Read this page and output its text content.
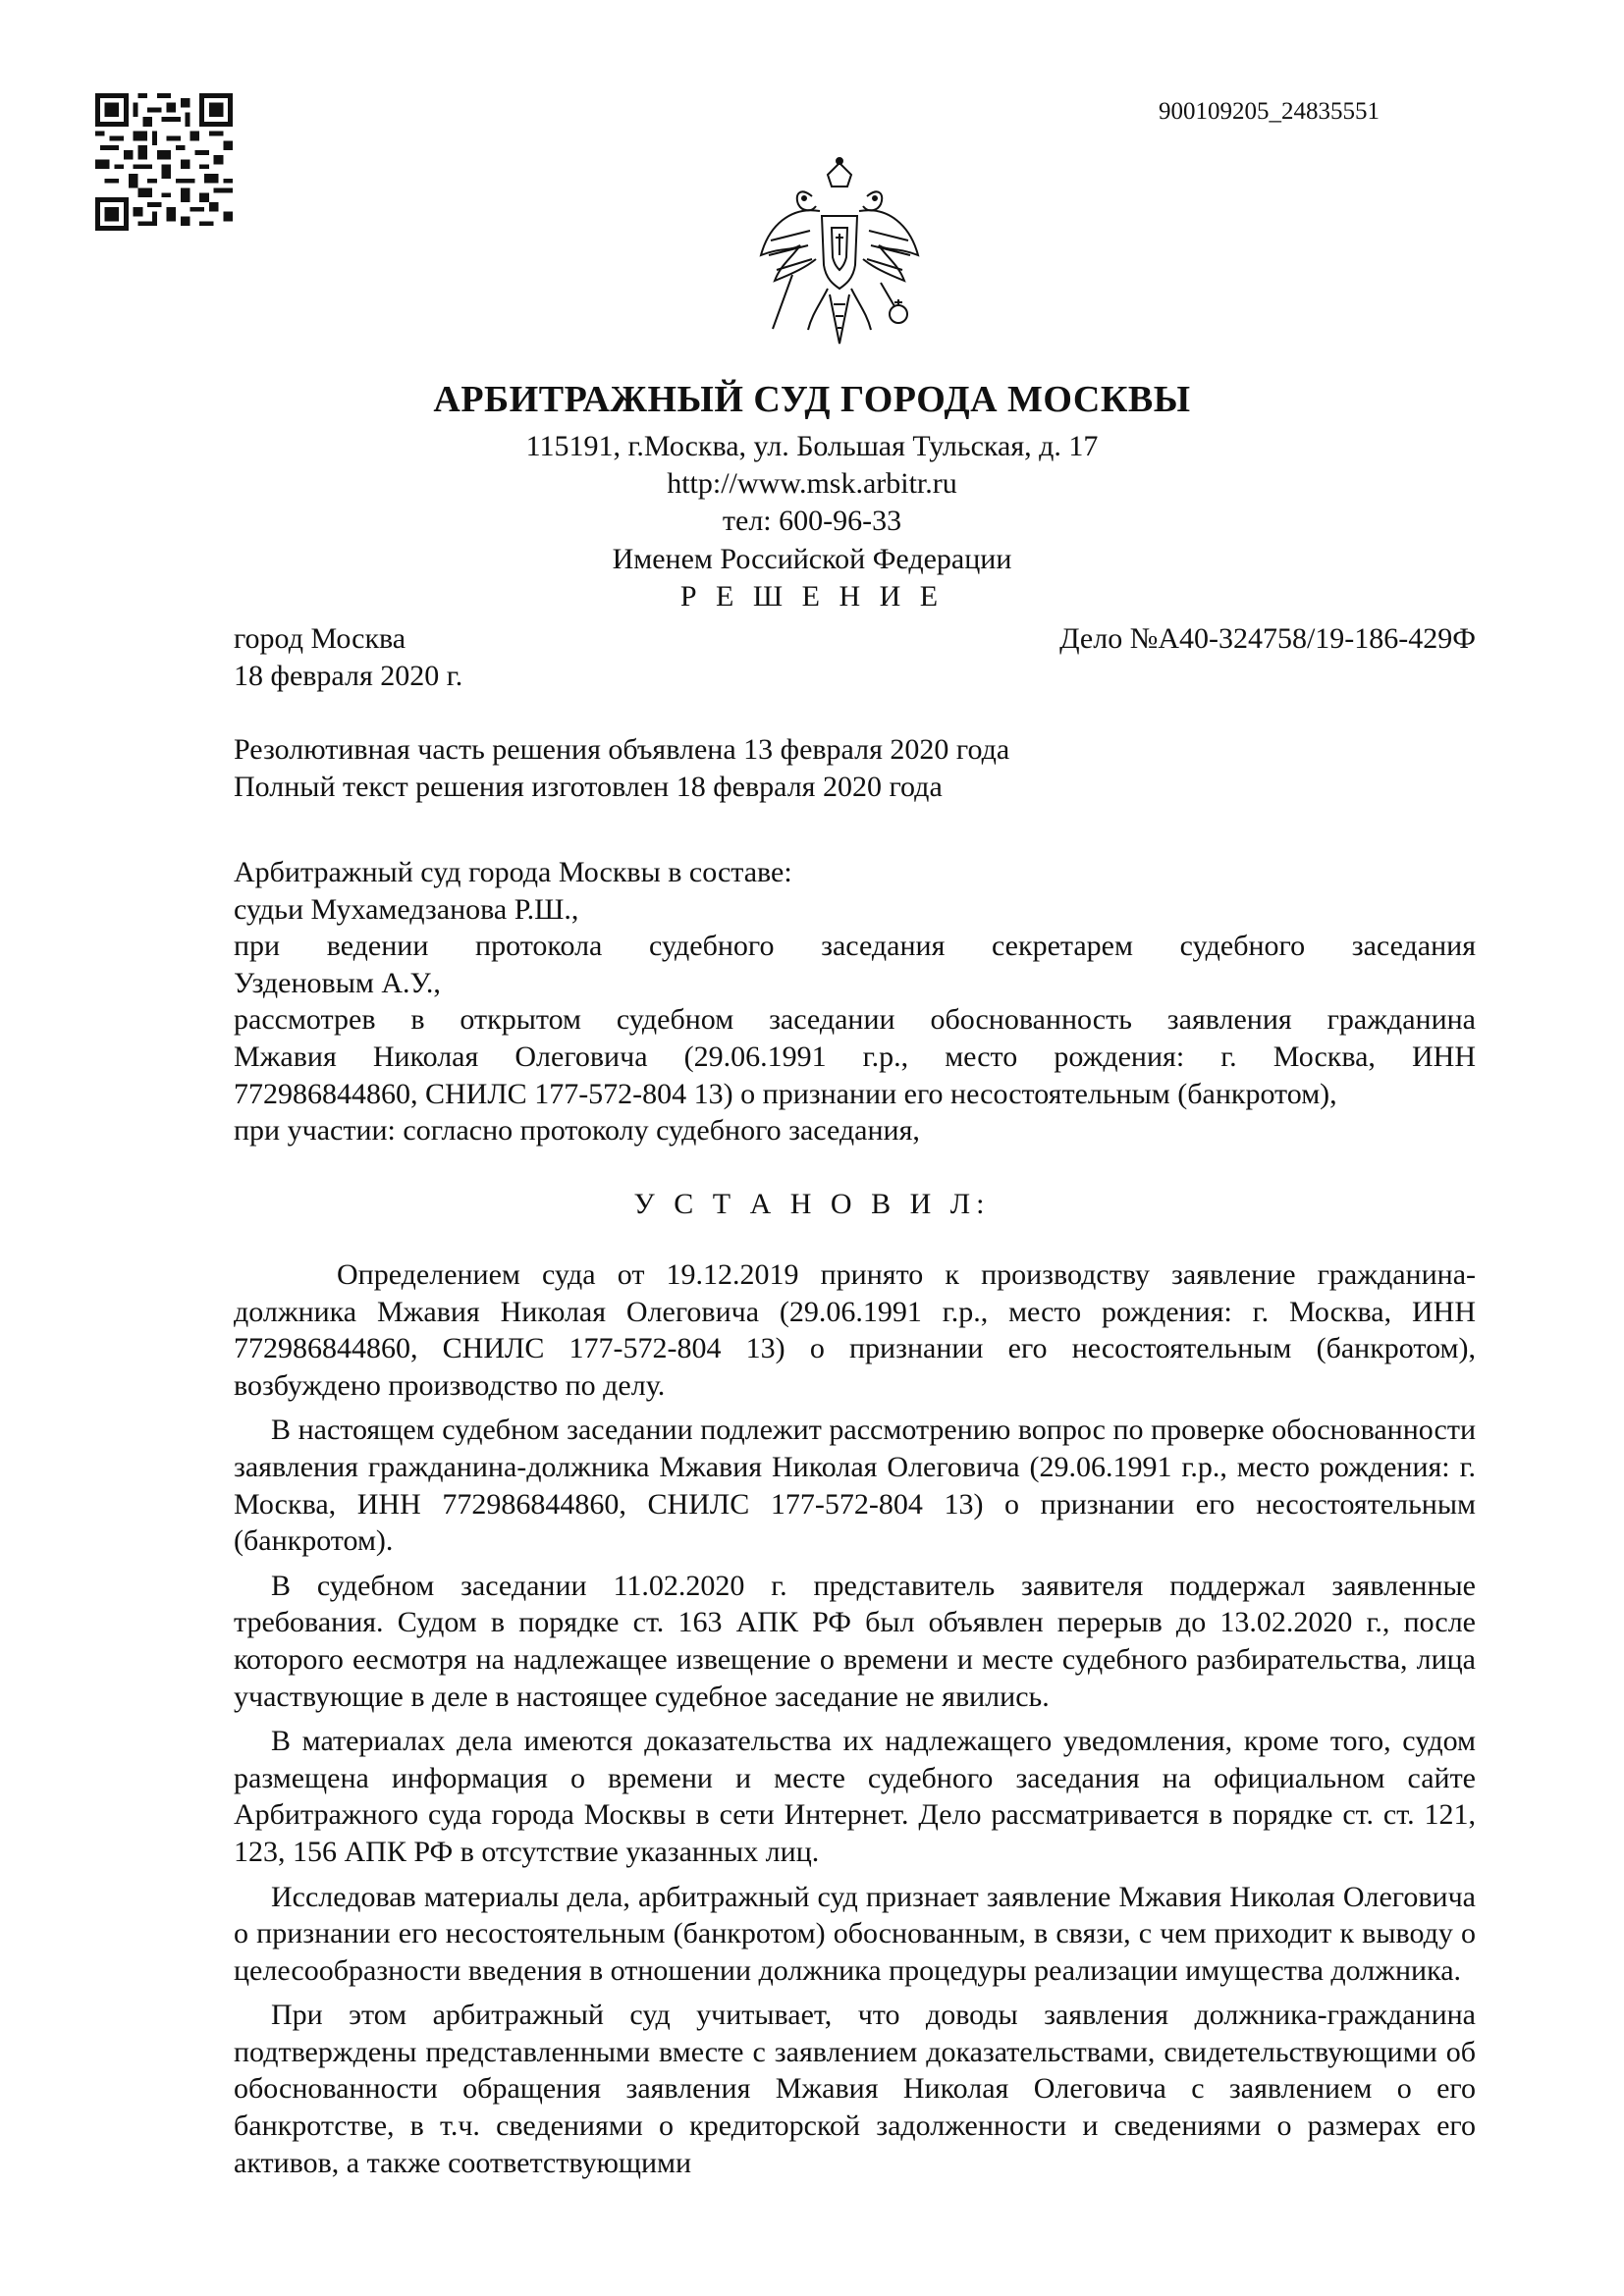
900109205_24835551
АРБИТРАЖНЫЙ СУД ГОРОДА МОСКВЫ
115191, г.Москва, ул. Большая Тульская, д. 17
http://www.msk.arbitr.ru
тел: 600-96-33
Именем Российской Федерации
Р Е Ш Е Н И Е
город Москва	Дело №А40-324758/19-186-429Ф
18 февраля 2020 г.
Резолютивная часть решения объявлена 13 февраля 2020 года
Полный текст решения изготовлен 18 февраля 2020 года
Арбитражный суд города Москвы в составе:
судьи Мухамедзанова Р.Ш.,
при ведении протокола судебного заседания секретарем судебного заседания
Узденовым А.У.,
рассмотрев в открытом судебном заседании обоснованность заявления гражданина
Мжавия Николая Олеговича (29.06.1991 г.р., место рождения: г. Москва, ИНН
772986844860, СНИЛС 177-572-804 13) о признании его несостоятельным (банкротом),
при участии: согласно протоколу судебного заседания,
У С Т А Н О В И Л:

Определением суда от 19.12.2019 принято к производству заявление гражданина-должника Мжавия Николая Олеговича (29.06.1991 г.р., место рождения: г. Москва, ИНН 772986844860, СНИЛС 177-572-804 13) о признании его несостоятельным (банкротом), возбуждено производство по делу.

В настоящем судебном заседании подлежит рассмотрению вопрос по проверке обоснованности заявления гражданина-должника Мжавия Николая Олеговича (29.06.1991 г.р., место рождения: г. Москва, ИНН 772986844860, СНИЛС 177-572-804 13) о признании его несостоятельным (банкротом).

В судебном заседании 11.02.2020 г. представитель заявителя поддержал заявленные требования. Судом в порядке ст. 163 АПК РФ был объявлен перерыв до 13.02.2020 г., после которого еесмотря на надлежащее извещение о времени и месте судебного разбирательства, лица участвующие в деле в настоящее судебное заседание не явились.

В материалах дела имеются доказательства их надлежащего уведомления, кроме того, судом размещена информация о времени и месте судебного заседания на официальном сайте Арбитражного суда города Москвы в сети Интернет. Дело рассматривается в порядке ст. ст. 121, 123, 156 АПК РФ в отсутствие указанных лиц.

Исследовав материалы дела, арбитражный суд признает заявление Мжавия Николая Олеговича о признании его несостоятельным (банкротом) обоснованным, в связи, с чем приходит к выводу о целесообразности введения в отношении должника процедуры реализации имущества должника.

При этом арбитражный суд учитывает, что доводы заявления должника-гражданина подтверждены представленными вместе с заявлением доказательствами, свидетельствующими об обоснованности обращения заявления Мжавия Николая Олеговича с заявлением о его банкротстве, в т.ч. сведениями о кредиторской задолженности и сведениями о размерах его активов, а также соответствующими
